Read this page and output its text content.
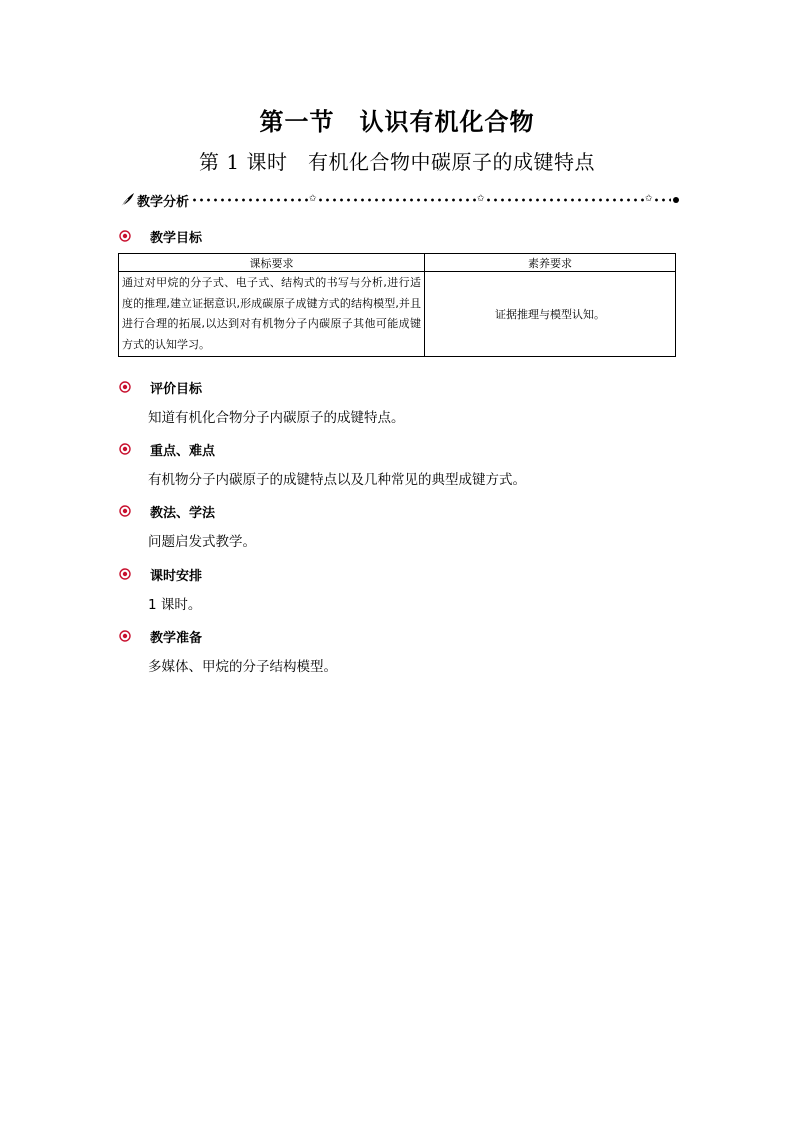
第一节　认识有机化合物
第 1 课时　有机化合物中碳原子的成键特点
教学分析	✩	✩	✩
教学目标
课标要求	素养要求
通过对甲烷的分子式、电子式、结构式的书写与分析,进行适度的推理,建立证据意识,形成碳原子成键方式的结构模型,并且进行合理的拓展,以达到对有机物分子内碳原子其他可能成键方式的认知学习。	证据推理与模型认知。
评价目标
知道有机化合物分子内碳原子的成键特点。
重点、难点
有机物分子内碳原子的成键特点以及几种常见的典型成键方式。
教法、学法
问题启发式教学。
课时安排
1 课时。
教学准备
多媒体、甲烷的分子结构模型。
